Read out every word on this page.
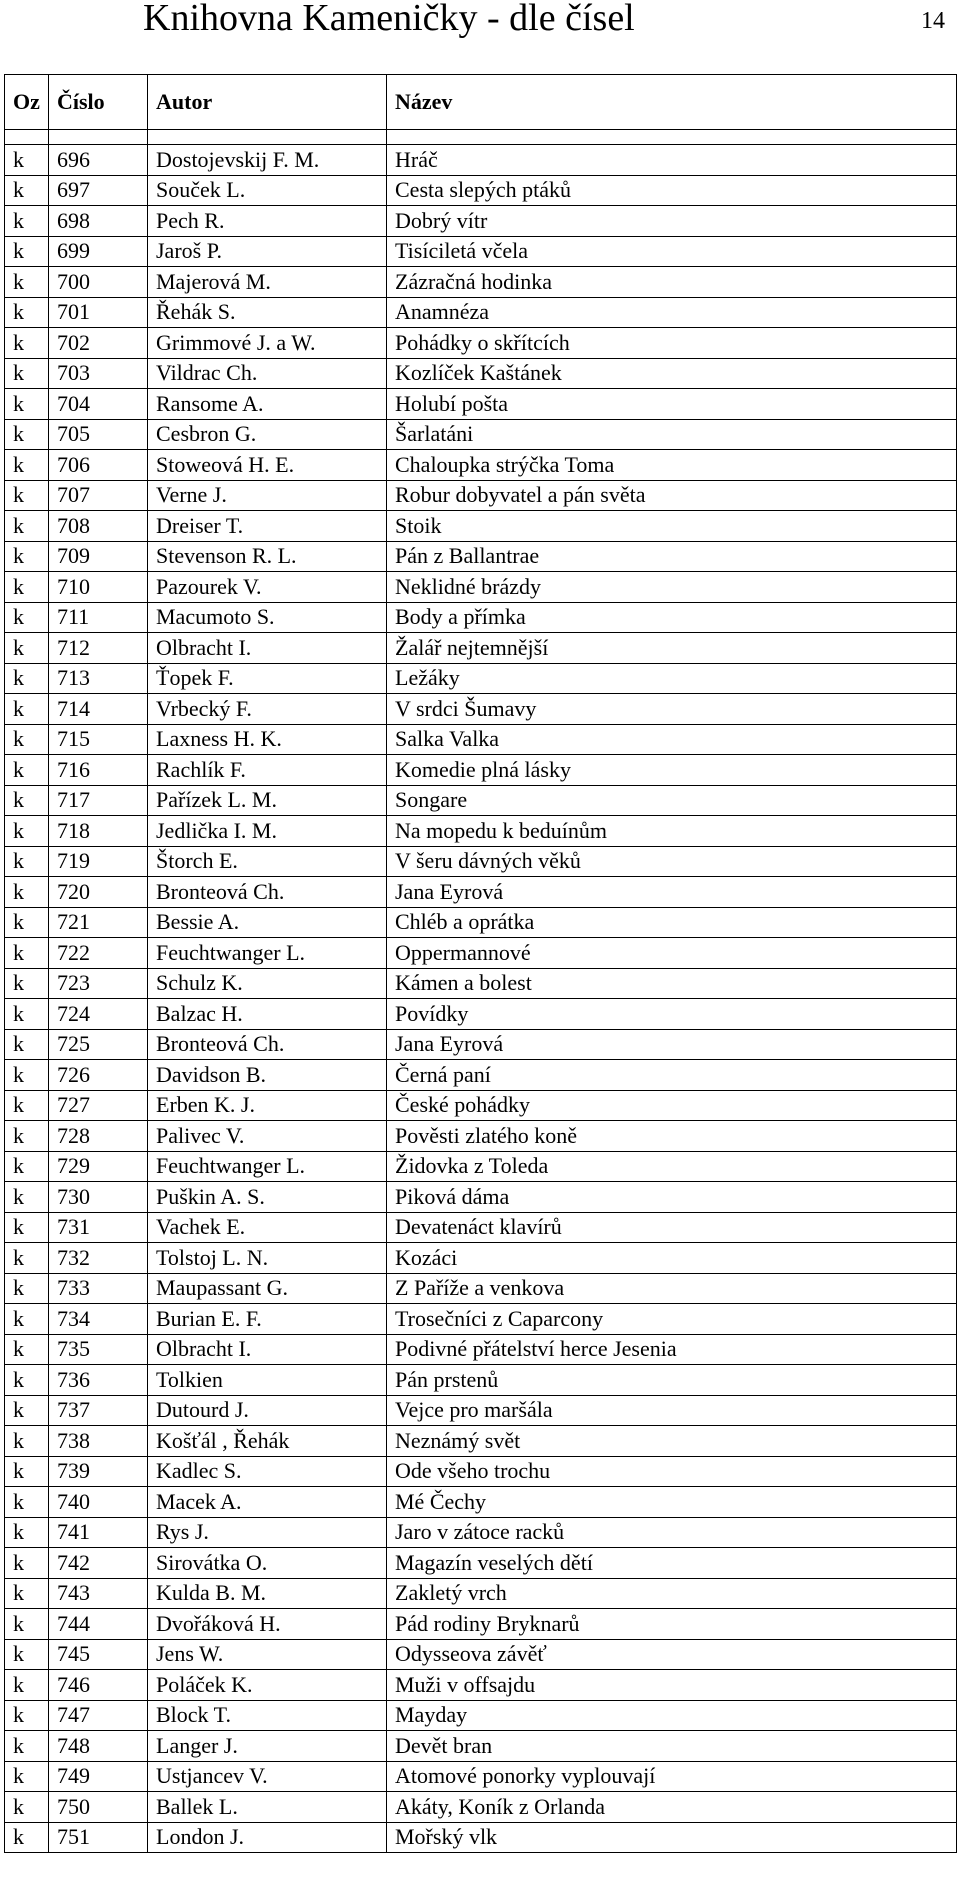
Knihovna Kameničky - dle čísel	14
Oz	Číslo	Autor	Název

k	696	Dostojevskij F. M.	Hráč
k	697	Souček L.	Cesta slepých ptáků
k	698	Pech R.	Dobrý vítr
k	699	Jaroš P.	Tisíciletá včela
k	700	Majerová M.	Zázračná hodinka
k	701	Řehák S.	Anamnéza
k	702	Grimmové J. a W.	Pohádky o skřítcích
k	703	Vildrac Ch.	Kozlíček Kaštánek
k	704	Ransome A.	Holubí pošta
k	705	Cesbron G.	Šarlatáni
k	706	Stoweová H. E.	Chaloupka strýčka Toma
k	707	Verne J.	Robur dobyvatel a pán světa
k	708	Dreiser T.	Stoik
k	709	Stevenson R. L.	Pán z Ballantrae
k	710	Pazourek V.	Neklidné brázdy
k	711	Macumoto S.	Body a přímka
k	712	Olbracht I.	Žalář nejtemnější
k	713	Ťopek F.	Ležáky
k	714	Vrbecký F.	V srdci Šumavy
k	715	Laxness H. K.	Salka Valka
k	716	Rachlík F.	Komedie plná lásky
k	717	Pařízek L. M.	Songare
k	718	Jedlička I. M.	Na mopedu k beduínům
k	719	Štorch E.	V šeru dávných věků
k	720	Bronteová Ch.	Jana Eyrová
k	721	Bessie A.	Chléb a oprátka
k	722	Feuchtwanger L.	Oppermannové
k	723	Schulz K.	Kámen a bolest
k	724	Balzac H.	Povídky
k	725	Bronteová Ch.	Jana Eyrová
k	726	Davidson B.	Černá paní
k	727	Erben K. J.	České pohádky
k	728	Palivec V.	Pověsti zlatého koně
k	729	Feuchtwanger L.	Židovka z Toleda
k	730	Puškin A. S.	Piková dáma
k	731	Vachek E.	Devatenáct klavírů
k	732	Tolstoj L. N.	Kozáci
k	733	Maupassant G.	Z Paříže a venkova
k	734	Burian E. F.	Trosečníci z Caparcony
k	735	Olbracht I.	Podivné přátelství herce Jesenia
k	736	Tolkien	Pán prstenů
k	737	Dutourd J.	Vejce pro maršála
k	738	Košťál , Řehák	Neznámý svět
k	739	Kadlec S.	Ode všeho trochu
k	740	Macek A.	Mé Čechy
k	741	Rys J.	Jaro v zátoce racků
k	742	Sirovátka O.	Magazín veselých dětí
k	743	Kulda B. M.	Zakletý vrch
k	744	Dvořáková H.	Pád rodiny Bryknarů
k	745	Jens W.	Odysseova závěť
k	746	Poláček K.	Muži v offsajdu
k	747	Block T.	Mayday
k	748	Langer J.	Devět bran
k	749	Ustjancev V.	Atomové ponorky vyplouvají
k	750	Ballek L.	Akáty, Koník z Orlanda
k	751	London J.	Mořský vlk
